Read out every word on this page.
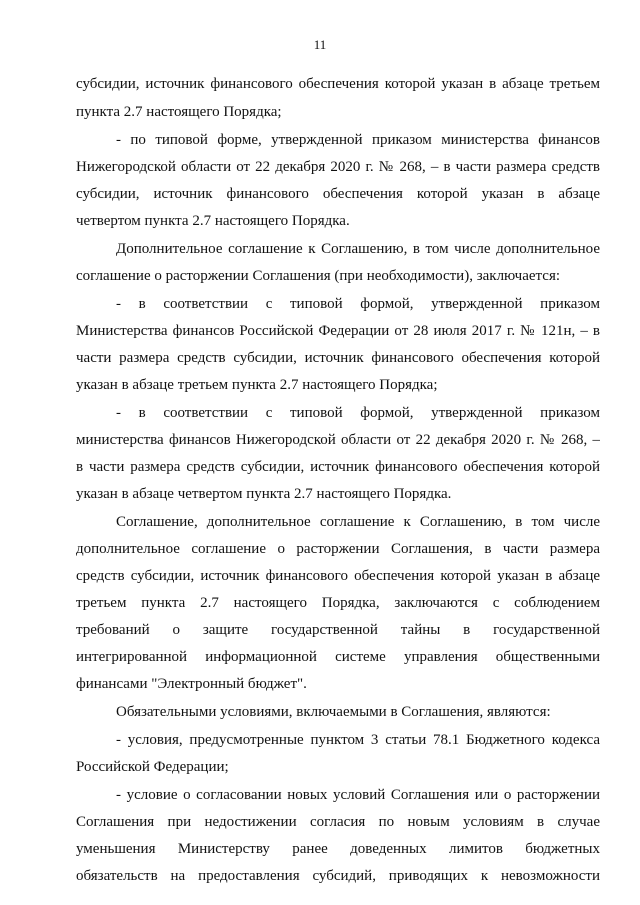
11
субсидии, источник финансового обеспечения которой указан в абзаце третьем
пункта 2.7 настоящего Порядка;
- по типовой форме, утвержденной приказом министерства финансов
Нижегородской области от 22 декабря 2020 г. № 268, – в части размера средств
субсидии, источник финансового обеспечения которой указан в абзаце
четвертом пункта 2.7 настоящего Порядка.
Дополнительное соглашение к Соглашению, в том числе дополнительное
соглашение о расторжении Соглашения (при необходимости), заключается:
- в соответствии с типовой формой, утвержденной приказом
Министерства финансов Российской Федерации от 28 июля 2017 г. № 121н, – в
части размера средств субсидии, источник финансового обеспечения которой
указан в абзаце третьем пункта 2.7 настоящего Порядка;
- в соответствии с типовой формой, утвержденной приказом
министерства финансов Нижегородской области от 22 декабря 2020 г. № 268, –
в части размера средств субсидии, источник финансового обеспечения которой
указан в абзаце четвертом пункта 2.7 настоящего Порядка.
Соглашение, дополнительное соглашение к Соглашению, в том числе
дополнительное соглашение о расторжении Соглашения, в части размера
средств субсидии, источник финансового обеспечения которой указан в абзаце
третьем пункта 2.7 настоящего Порядка, заключаются с соблюдением
требований о защите государственной тайны в государственной
интегрированной информационной системе управления общественными
финансами "Электронный бюджет".
Обязательными условиями, включаемыми в Соглашения, являются:
- условия, предусмотренные пунктом 3 статьи 78.1 Бюджетного кодекса
Российской Федерации;
- условие о согласовании новых условий Соглашения или о расторжении
Соглашения при недостижении согласия по новым условиям в случае
уменьшения Министерству ранее доведенных лимитов бюджетных
обязательств на предоставления субсидий, приводящих к невозможности
